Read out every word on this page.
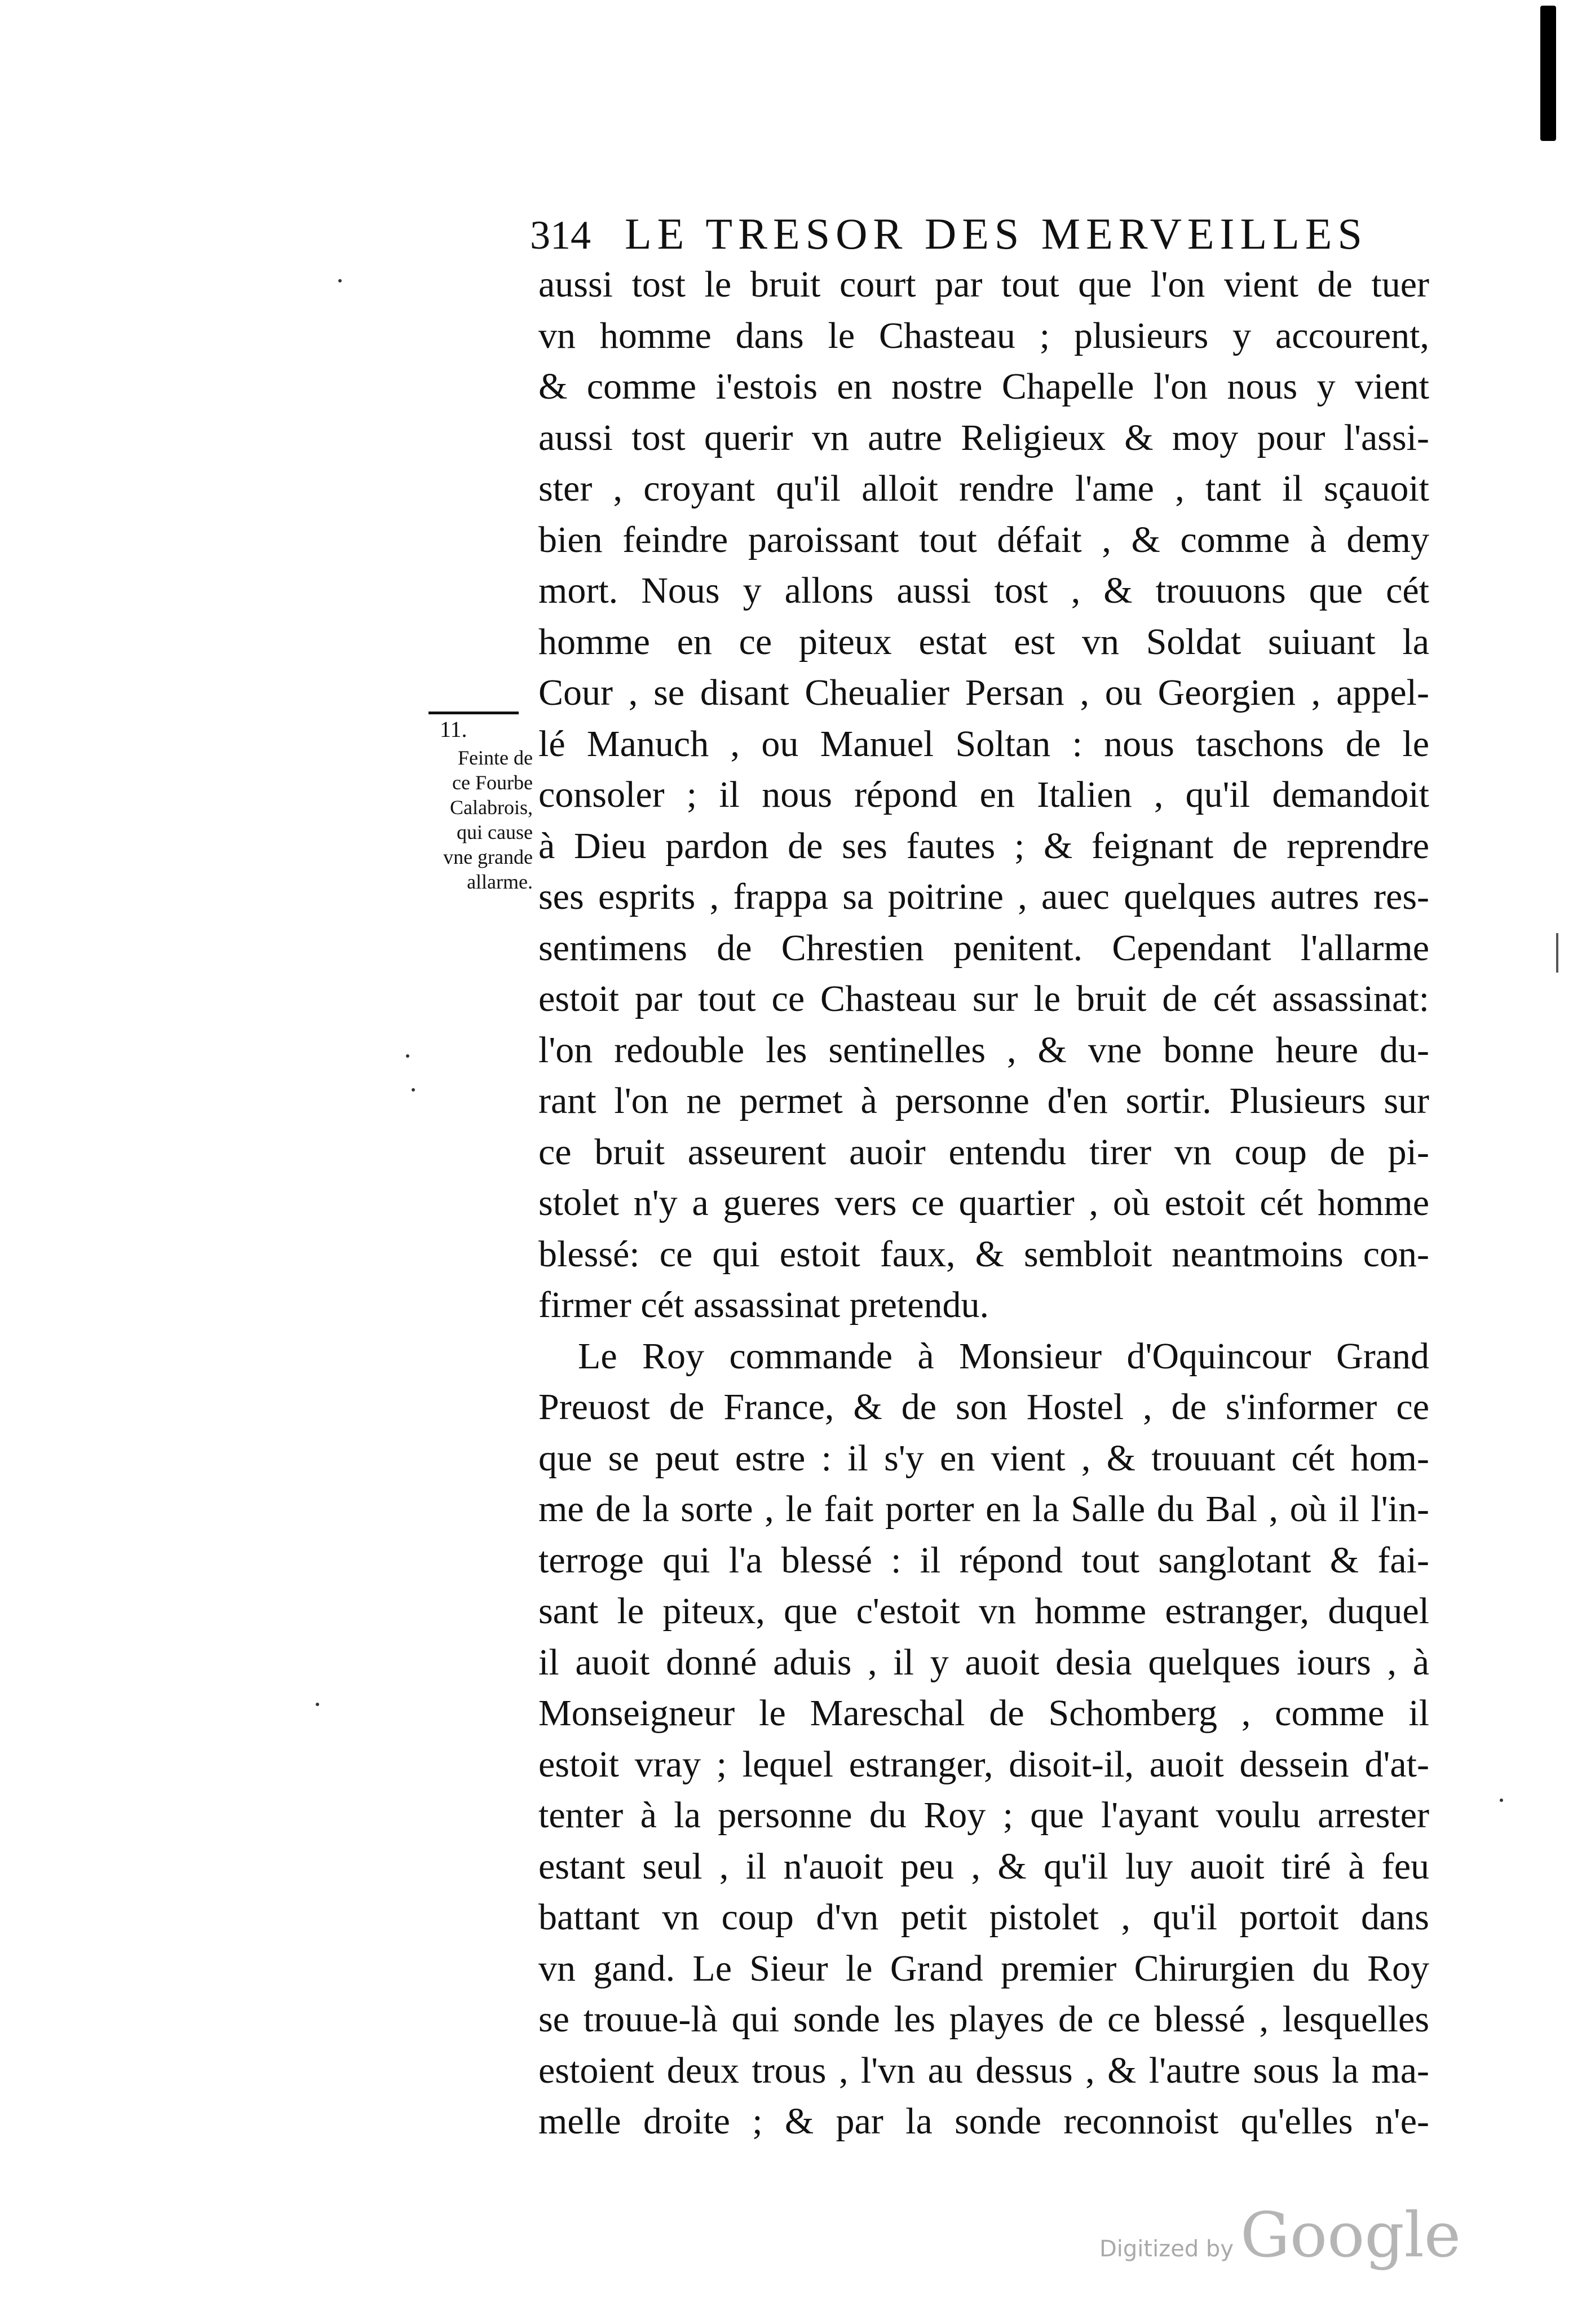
314 LE TRESOR DES MERVEILLES
11.
Feinte de
ce Fourbe
Calabrois,
qui cause
vne grande
allarme.
aussi tost le bruit court par tout que l'on vient de tuer
vn homme dans le Chasteau ; plusieurs y accourent,
& comme i'estois en nostre Chapelle l'on nous y vient
aussi tost querir vn autre Religieux & moy pour l'assi-
ster , croyant qu'il alloit rendre l'ame , tant il sçauoit
bien feindre paroissant tout défait , & comme à demy
mort. Nous y allons aussi tost , & trouuons que cét
homme en ce piteux estat est vn Soldat suiuant la
Cour , se disant Cheualier Persan , ou Georgien , appel-
lé Manuch , ou Manuel Soltan : nous taschons de le
consoler ; il nous répond en Italien , qu'il demandoit
à Dieu pardon de ses fautes ; & feignant de reprendre
ses esprits , frappa sa poitrine , auec quelques autres res-
sentimens de Chrestien penitent. Cependant l'allarme
estoit par tout ce Chasteau sur le bruit de cét assassinat:
l'on redouble les sentinelles , & vne bonne heure du-
rant l'on ne permet à personne d'en sortir. Plusieurs sur
ce bruit asseurent auoir entendu tirer vn coup de pi-
stolet n'y a gueres vers ce quartier , où estoit cét homme
blessé: ce qui estoit faux, & sembloit neantmoins con-
firmer cét assassinat pretendu.
Le Roy commande à Monsieur d'Oquincour Grand
Preuost de France, & de son Hostel , de s'informer ce
que se peut estre : il s'y en vient , & trouuant cét hom-
me de la sorte , le fait porter en la Salle du Bal , où il l'in-
terroge qui l'a blessé : il répond tout sanglotant & fai-
sant le piteux, que c'estoit vn homme estranger, duquel
il auoit donné aduis , il y auoit desia quelques iours , à
Monseigneur le Mareschal de Schomberg , comme il
estoit vray ; lequel estranger, disoit-il, auoit dessein d'at-
tenter à la personne du Roy ; que l'ayant voulu arrester
estant seul , il n'auoit peu , & qu'il luy auoit tiré à feu
battant vn coup d'vn petit pistolet , qu'il portoit dans
vn gand. Le Sieur le Grand premier Chirurgien du Roy
se trouue-là qui sonde les playes de ce blessé , lesquelles
estoient deux trous , l'vn au dessus , & l'autre sous la ma-
melle droite ; & par la sonde reconnoist qu'elles n'e-
Digitized by Google
